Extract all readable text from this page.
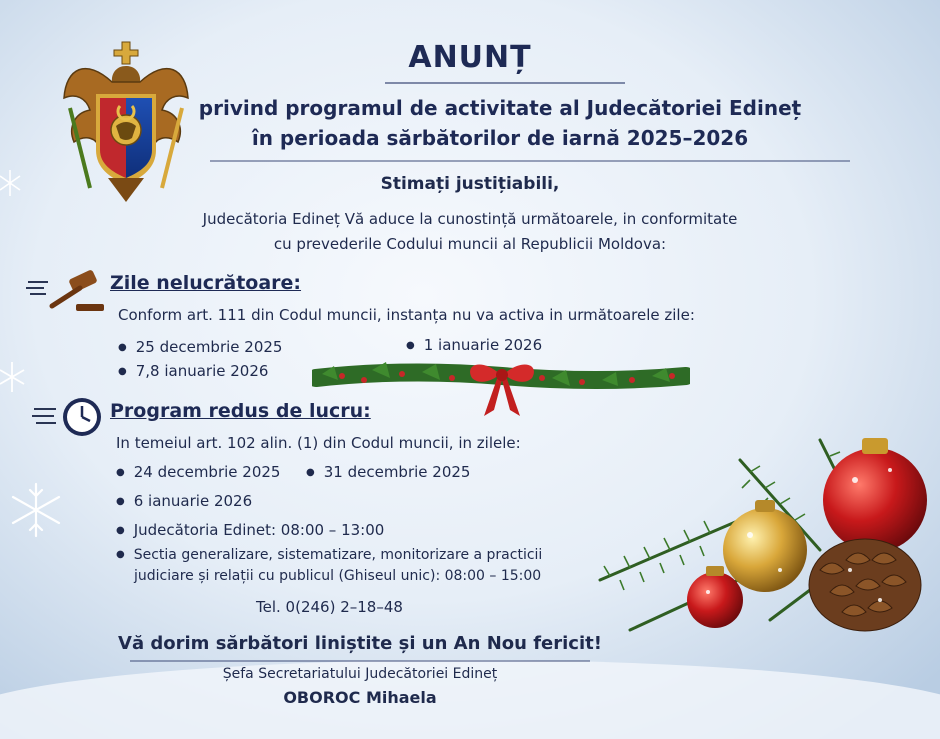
ANUNȚ
privind programul de activitate al Judecătoriei Edineț
în perioada sărbătorilor de iarnă 2025–2026
Stimați justițiabili,
Judecătoria Edineț Vă aduce la cunostință următoarele, in conformitate
cu prevederile Codului muncii al Republicii Moldova:
Zile nelucrătoare:
Conform art. 111 din Codul muncii, instanța nu va activa in următoarele zile:
● 25 decembrie 2025	● 1 ianuarie 2026
● 7,8 ianuarie 2026
Program redus de lucru:
In temeiul art. 102 alin. (1) din Codul muncii, in zilele:
● 24 decembrie 2025	● 31 decembrie 2025
● 6 ianuarie 2026
● Judecătoria Edinet: 08:00 – 13:00
● Sectia generalizare, sistematizare, monitorizare a practicii
judiciare și relații cu publicul (Ghiseul unic): 08:00 – 15:00
Tel. 0(246) 2–18–48
Vă dorim sărbători liniștite și un An Nou fericit!
Șefa Secretariatului Judecătoriei Edineț
OBOROC Mihaela
